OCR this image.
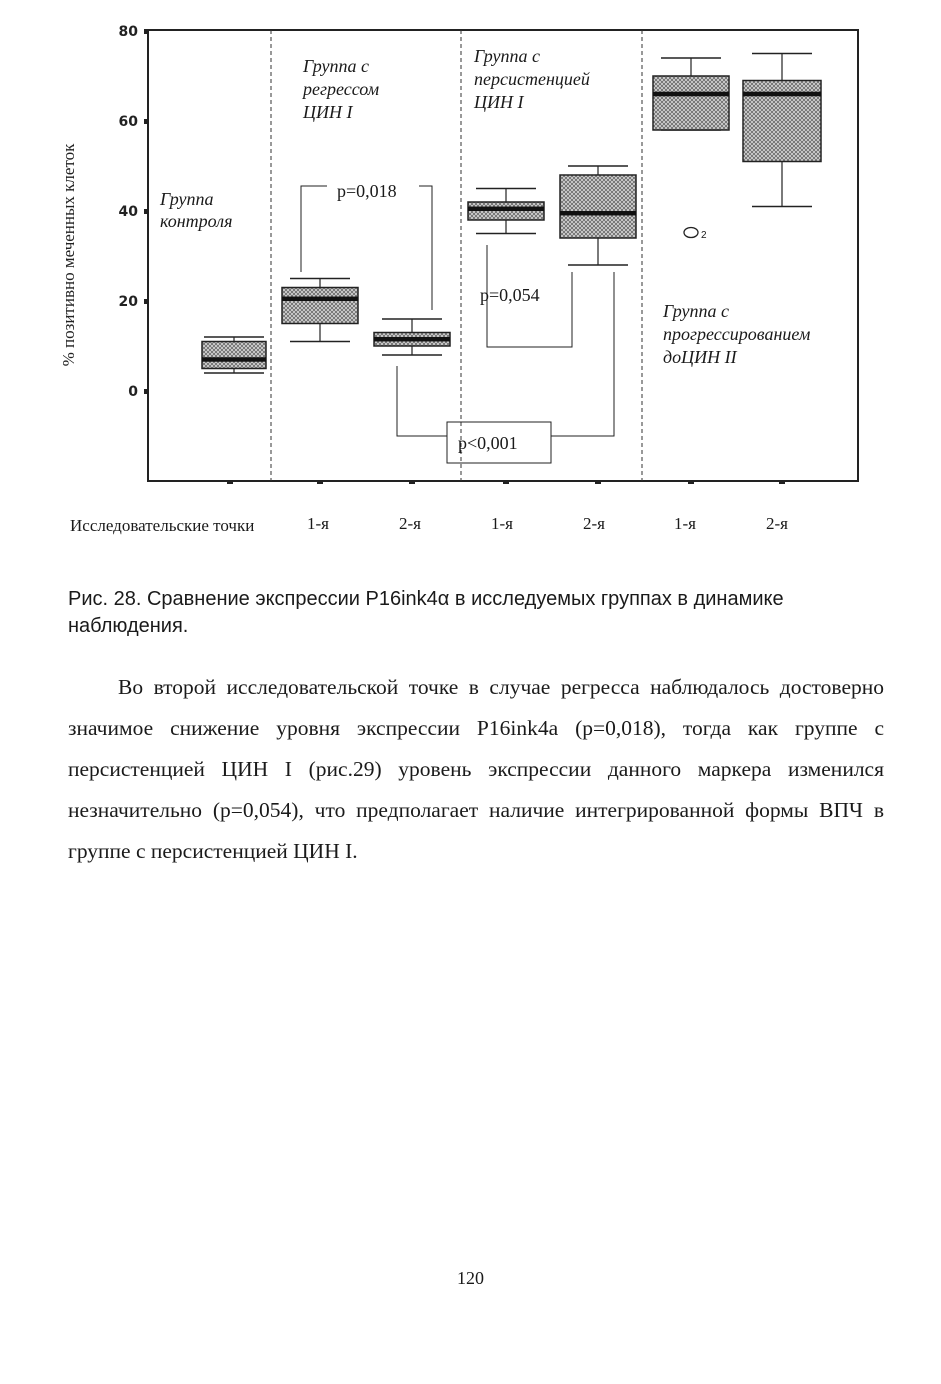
80
60
40
20
0
% позитивно меченных клеток	p=0,018
p=0,054
p<0,001
2
Группа контроля
Группа с регрессом ЦИН I
Группа с персистенцией ЦИН I
Группа с прогрессированием доЦИН II
Исследовательские точки	1-я	2-я	1-я	2-я	1-я	2-я
Рис. 28. Сравнение экспрессии P16ink4α в исследуемых группах в динамике наблюдения.

Во второй исследовательской точке в случае регресса наблюдалось достоверно значимое снижение уровня экспрессии P16ink4a (p=0,018), тогда как группе с персистенцией ЦИН I (рис.29) уровень экспрессии данного маркера изменился незначительно (p=0,054), что предполагает наличие интегрированной формы ВПЧ в группе с персистенцией ЦИН I.

120
